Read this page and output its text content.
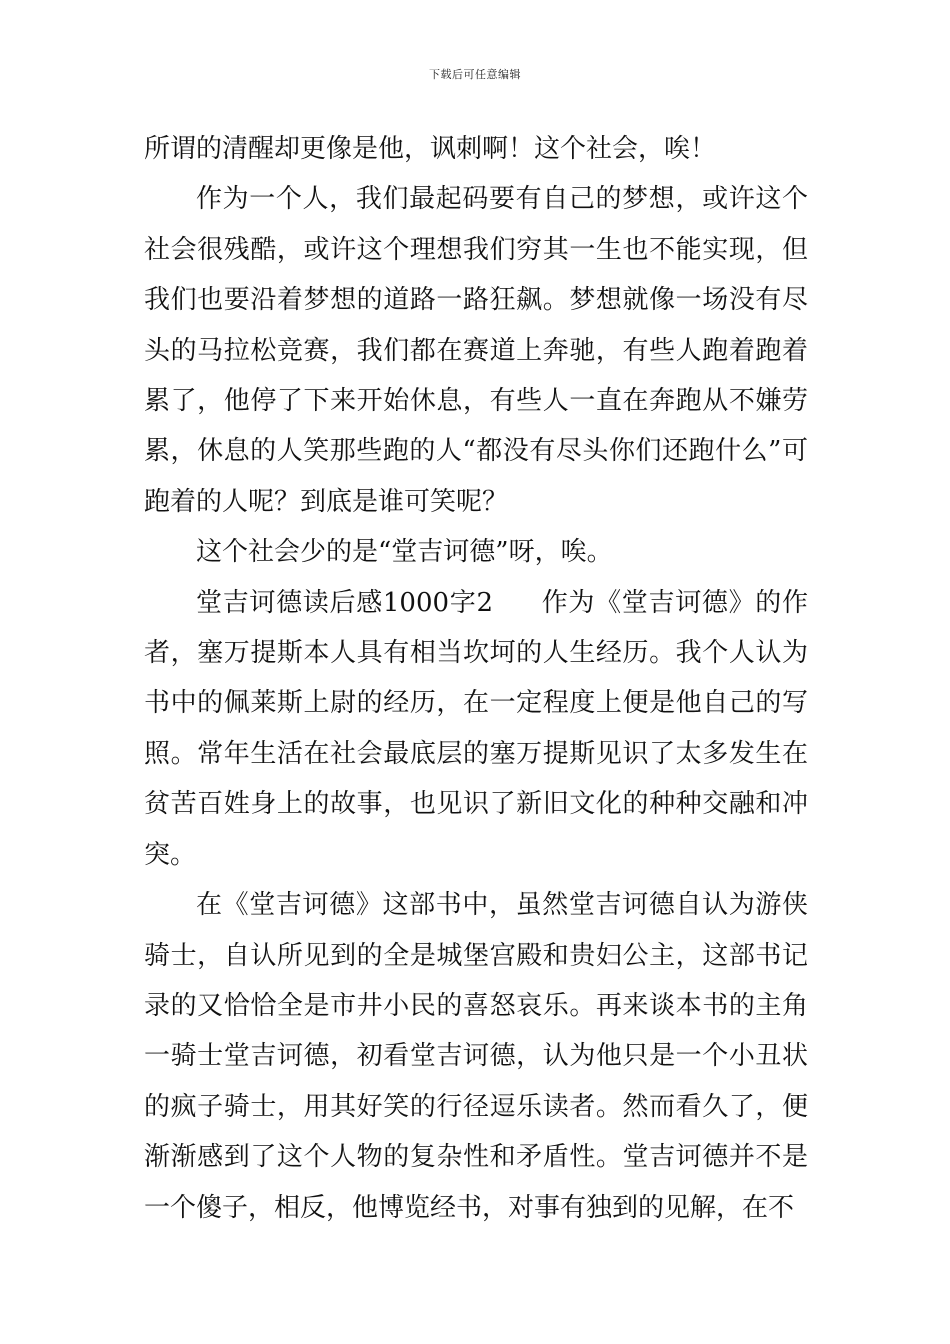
下载后可任意编辑

所谓的清醒却更像是他，讽刺啊！这个社会，唉！

作为一个人，我们最起码要有自己的梦想，或许这个社会很残酷，或许这个理想我们穷其一生也不能实现，但我们也要沿着梦想的道路一路狂飙。梦想就像一场没有尽头的马拉松竞赛，我们都在赛道上奔驰，有些人跑着跑着累了，他停了下来开始休息，有些人一直在奔跑从不嫌劳累，休息的人笑那些跑的人“都没有尽头你们还跑什么”可跑着的人呢？到底是谁可笑呢？

这个社会少的是“堂吉诃德”呀，唉。

堂吉诃德读后感1000字2 作为《堂吉诃德》的作者，塞万提斯本人具有相当坎坷的人生经历。我个人认为书中的佩莱斯上尉的经历，在一定程度上便是他自己的写照。常年生活在社会最底层的塞万提斯见识了太多发生在贫苦百姓身上的故事，也见识了新旧文化的种种交融和冲突。

在《堂吉诃德》这部书中，虽然堂吉诃德自认为游侠骑士，自认所见到的全是城堡宫殿和贵妇公主，这部书记录的又恰恰全是市井小民的喜怒哀乐。再来谈本书的主角一骑士堂吉诃德，初看堂吉诃德，认为他只是一个小丑状的疯子骑士，用其好笑的行径逗乐读者。然而看久了，便渐渐感到了这个人物的复杂性和矛盾性。堂吉诃德并不是一个傻子，相反，他博览经书，对事有独到的见解，在不
